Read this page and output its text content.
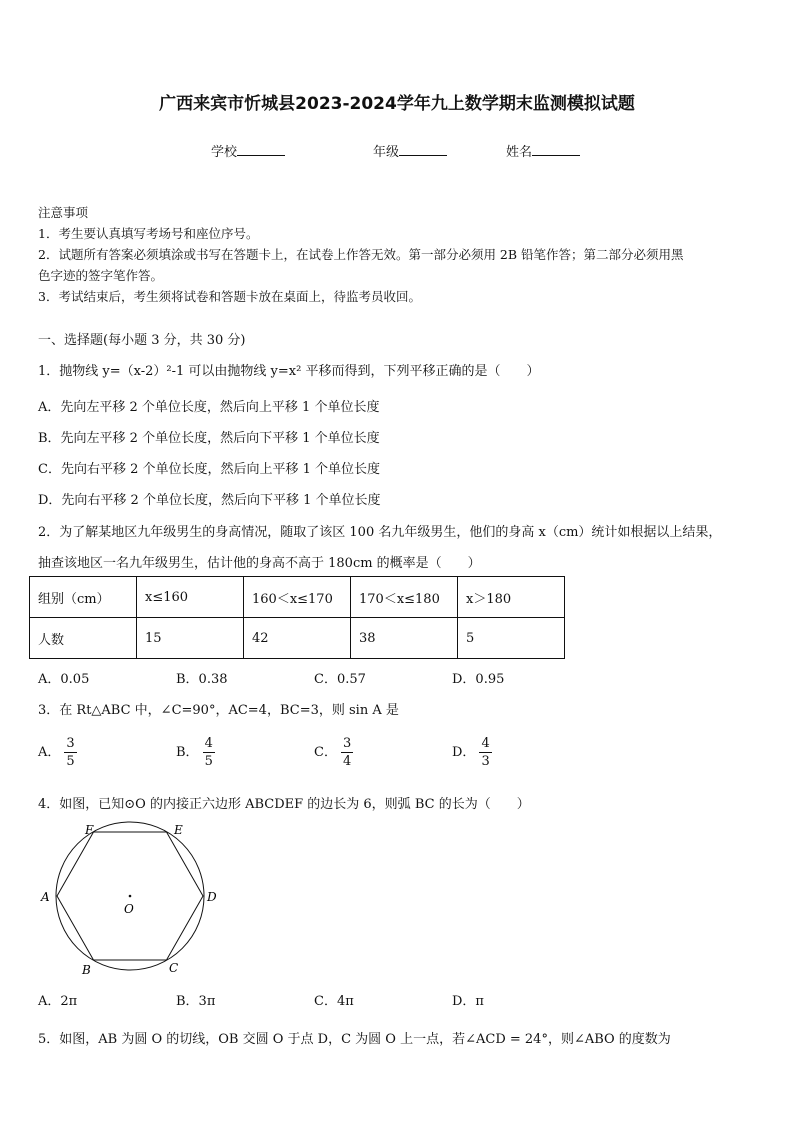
广西来宾市忻城县2023-2024学年九上数学期末监测模拟试题
学校	年级	姓名
注意事项
1．考生要认真填写考场号和座位序号。
2．试题所有答案必须填涂或书写在答题卡上，在试卷上作答无效。第一部分必须用 2B 铅笔作答；第二部分必须用黑
色字迹的签字笔作答。
3．考试结束后，考生须将试卷和答题卡放在桌面上，待监考员收回。
一、选择题(每小题 3 分，共 30 分)
1．抛物线 y=（x-2）²-1 可以由抛物线 y=x² 平移而得到，下列平移正确的是（　　）
A．先向左平移 2 个单位长度，然后向上平移 1 个单位长度
B．先向左平移 2 个单位长度，然后向下平移 1 个单位长度
C．先向右平移 2 个单位长度，然后向上平移 1 个单位长度
D．先向右平移 2 个单位长度，然后向下平移 1 个单位长度
2．为了解某地区九年级男生的身高情况，随取了该区 100 名九年级男生，他们的身高 x（cm）统计如根据以上结果，
抽查该地区一名九年级男生，估计他的身高不高于 180cm 的概率是（　　）
组别（cm）	x≤160	160＜x≤170	170＜x≤180	x＞180
人数	15	42	38	5
A．0.05	B．0.38	C．0.57	D．0.95
3．在 Rt△ABC 中，∠C=90°，AC=4，BC=3，则 sin A 是
A． $\frac{3}{5}$	B． $\frac{4}{5}$	C． $\frac{3}{4}$	D． $\frac{4}{3}$
4．如图，已知⊙O 的内接正六边形 ABCDEF 的边长为 6，则弧 BC 的长为（　　）
A
B	C
D
E
F
O
A．2π	B．3π	C．4π	D．π
5．如图，AB 为圆 O 的切线，OB 交圆 O 于点 D，C 为圆 O 上一点，若∠ACD = 24°，则∠ABO 的度数为
